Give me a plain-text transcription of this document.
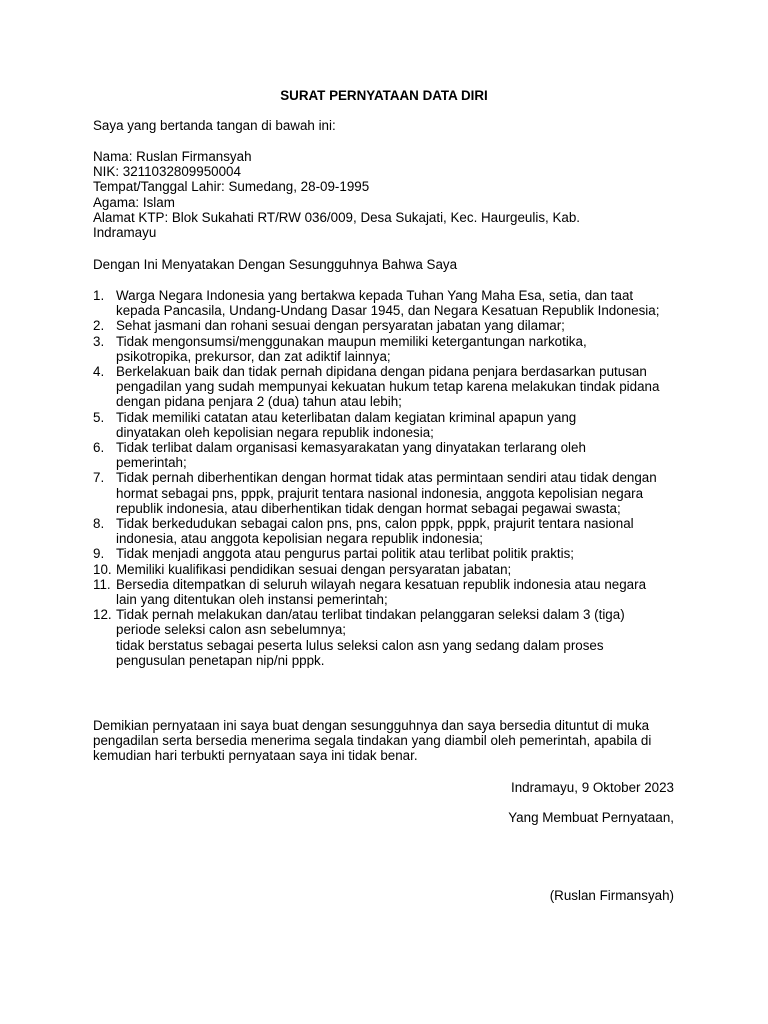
SURAT PERNYATAAN DATA DIRI
Saya yang bertanda tangan di bawah ini:
Nama: Ruslan Firmansyah
NIK: 3211032809950004
Tempat/Tanggal Lahir: Sumedang, 28-09-1995
Agama: Islam
Alamat KTP: Blok Sukahati RT/RW 036/009, Desa Sukajati, Kec. Haurgeulis, Kab. Indramayu
Dengan Ini Menyatakan Dengan Sesungguhnya Bahwa Saya
1. Warga Negara Indonesia yang bertakwa kepada Tuhan Yang Maha Esa, setia, dan taat kepada Pancasila, Undang-Undang Dasar 1945, dan Negara Kesatuan Republik Indonesia;
2. Sehat jasmani dan rohani sesuai dengan persyaratan jabatan yang dilamar;
3. Tidak mengonsumsi/menggunakan maupun memiliki ketergantungan narkotika, psikotropika, prekursor, dan zat adiktif lainnya;
4. Berkelakuan baik dan tidak pernah dipidana dengan pidana penjara berdasarkan putusan pengadilan yang sudah mempunyai kekuatan hukum tetap karena melakukan tindak pidana dengan pidana penjara 2 (dua) tahun atau lebih;
5. Tidak memiliki catatan atau keterlibatan dalam kegiatan kriminal apapun yang dinyatakan oleh kepolisian negara republik indonesia;
6. Tidak terlibat dalam organisasi kemasyarakatan yang dinyatakan terlarang oleh pemerintah;
7. Tidak pernah diberhentikan dengan hormat tidak atas permintaan sendiri atau tidak dengan hormat sebagai pns, pppk, prajurit tentara nasional indonesia, anggota kepolisian negara republik indonesia, atau diberhentikan tidak dengan hormat sebagai pegawai swasta;
8. Tidak berkedudukan sebagai calon pns, pns, calon pppk, pppk, prajurit tentara nasional indonesia, atau anggota kepolisian negara republik indonesia;
9. Tidak menjadi anggota atau pengurus partai politik atau terlibat politik praktis;
10. Memiliki kualifikasi pendidikan sesuai dengan persyaratan jabatan;
11. Bersedia ditempatkan di seluruh wilayah negara kesatuan republik indonesia atau negara lain yang ditentukan oleh instansi pemerintah;
12. Tidak pernah melakukan dan/atau terlibat tindakan pelanggaran seleksi dalam 3 (tiga) periode seleksi calon asn sebelumnya;
tidak berstatus sebagai peserta lulus seleksi calon asn yang sedang dalam proses pengusulan penetapan nip/ni pppk.
Demikian pernyataan ini saya buat dengan sesungguhnya dan saya bersedia dituntut di muka pengadilan serta bersedia menerima segala tindakan yang diambil oleh pemerintah, apabila di kemudian hari terbukti pernyataan saya ini tidak benar.
Indramayu, 9 Oktober 2023
Yang Membuat Pernyataan,
(Ruslan Firmansyah)
